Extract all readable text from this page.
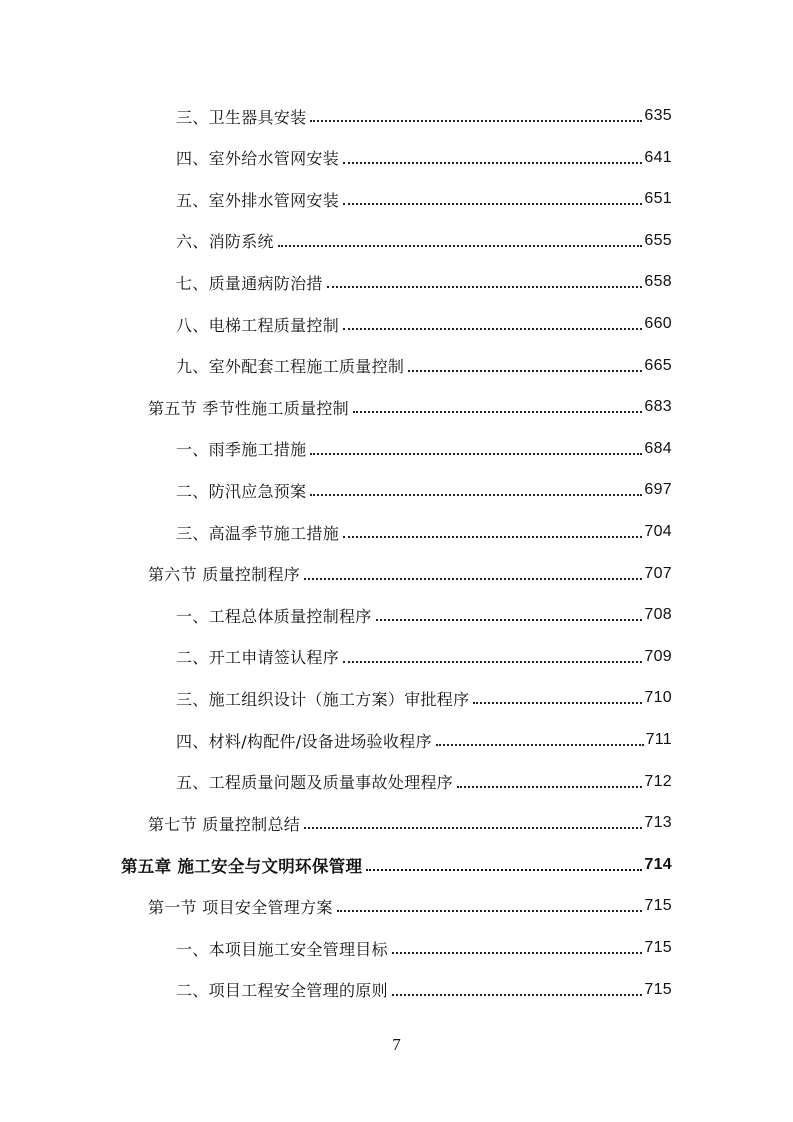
三、卫生器具安装	635
四、室外给水管网安装	641
五、室外排水管网安装	651
六、消防系统	655
七、质量通病防治措	658
八、电梯工程质量控制	660
九、室外配套工程施工质量控制	665
第五节 季节性施工质量控制	683
一、雨季施工措施	684
二、防汛应急预案	697
三、高温季节施工措施	704
第六节 质量控制程序	707
一、工程总体质量控制程序	708
二、开工申请签认程序	709
三、施工组织设计（施工方案）审批程序	710
四、材料/构配件/设备进场验收程序	711
五、工程质量问题及质量事故处理程序	712
第七节 质量控制总结	713
第五章 施工安全与文明环保管理	714
第一节 项目安全管理方案	715
一、本项目施工安全管理目标	715
二、项目工程安全管理的原则	715
7
